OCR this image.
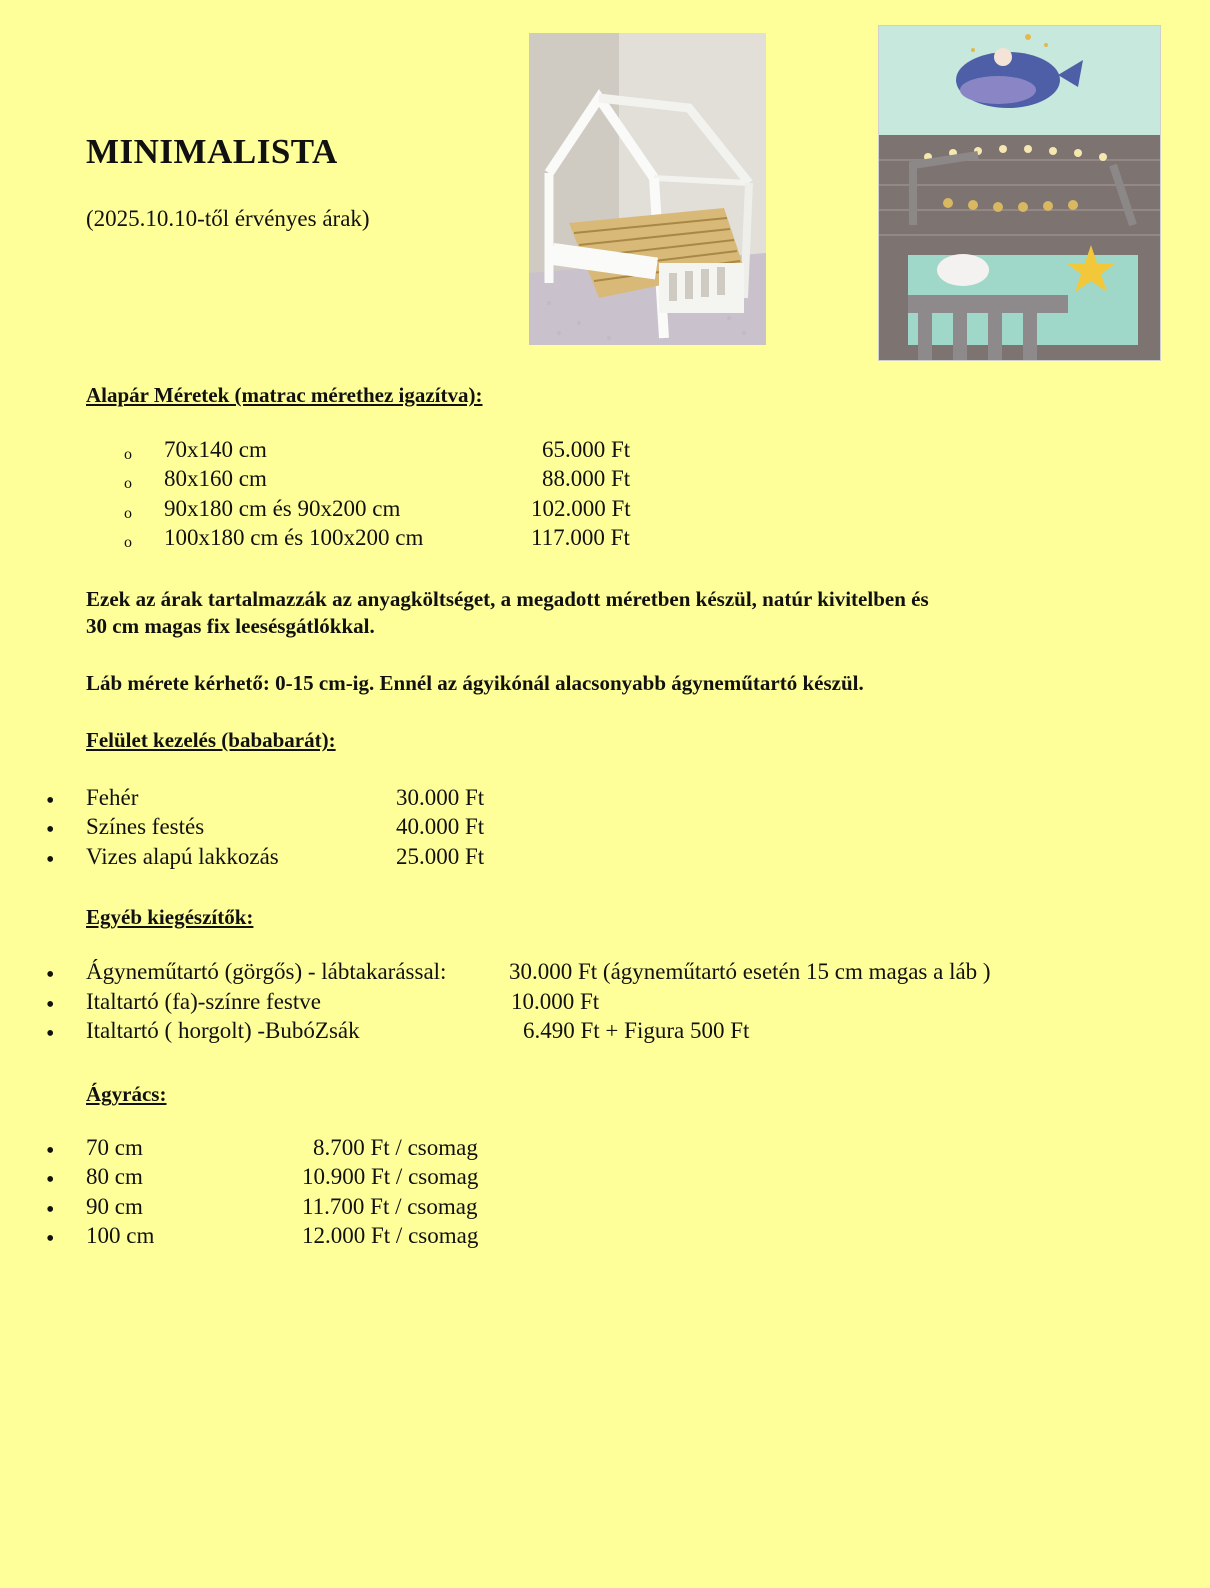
MINIMALISTA
(2025.10.10-től érvényes árak)
Alapár Méretek (matrac mérethez igazítva):
o 70x140 cm	65.000 Ft
o 80x160 cm	88.000 Ft
o 90x180 cm és 90x200 cm	102.000 Ft
o 100x180 cm és 100x200 cm	117.000 Ft
Ezek az árak tartalmazzák az anyagköltséget, a megadott méretben készül, natúr kivitelben és
30 cm magas fix leesésgátlókkal.
Láb mérete kérhető: 0-15 cm-ig. Ennél az ágyikónál alacsonyabb ágyneműtartó készül.
Felület kezelés (bababarát):
• Fehér	30.000 Ft
• Színes festés	40.000 Ft
• Vizes alapú lakkozás	25.000 Ft
Egyéb kiegészítők:
• Ágyneműtartó (görgős) - lábtakarással:	30.000 Ft (ágyneműtartó esetén 15 cm magas a láb )
• Italtartó (fa)-színre festve	10.000 Ft
• Italtartó ( horgolt) -BubóZsák	6.490 Ft + Figura 500 Ft
Ágyrács:
• 70 cm	8.700 Ft / csomag
• 80 cm	10.900 Ft / csomag
• 90 cm	11.700 Ft / csomag
• 100 cm	12.000 Ft / csomag
